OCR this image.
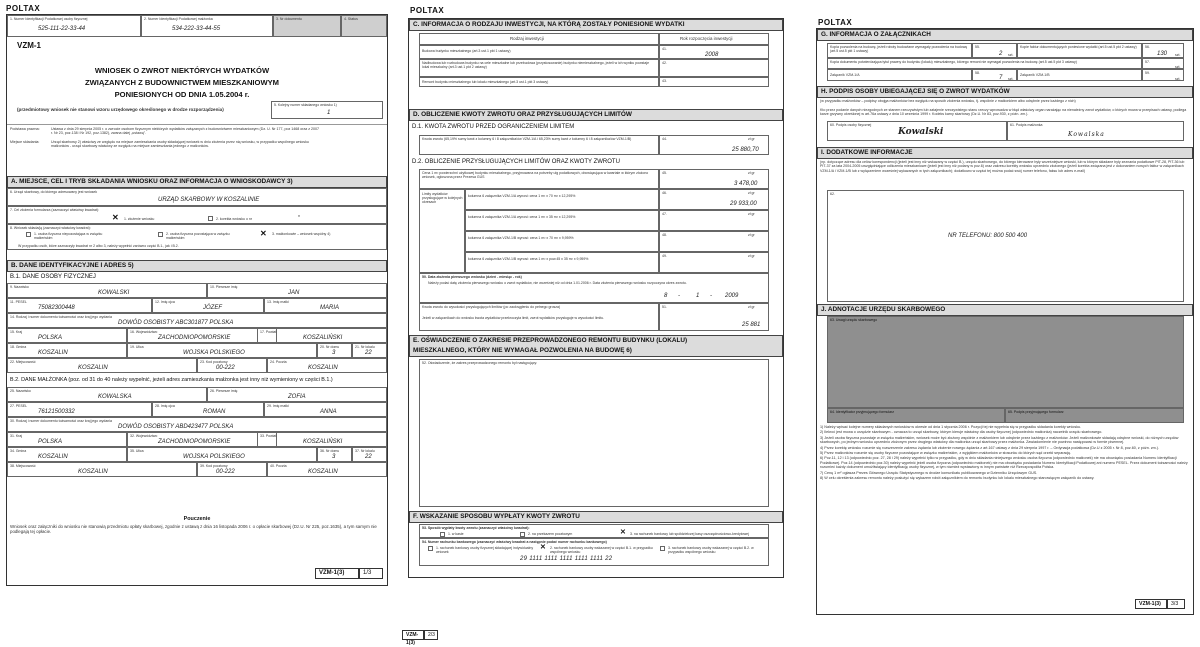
POLTAX
1. Numer Identyfikacji Podatkowej osoby fizycznej
525-111-22-33-44
2. Numer Identyfikacji Podatkowej małżonka
534-222-33-44-55
3. Nr dokumentu	4. Status
VZM-1
WNIOSEK O ZWROT NIEKTÓRYCH WYDATKÓW
ZWIĄZANYCH Z BUDOWNICTWEM MIESZKANIOWYM
PONIESIONYCH OD DNIA 1.05.2004 r.
(przedmiotowy wniosek nie stanowi wzoru urzędowego określonego w drodze rozporządzenia)
5. Kolejny numer składanego wniosku 1)
1
Podstawa prawna:	Ustawa z dnia 29 sierpnia 2005 r. o zwrocie osobom fizycznym niektórych wydatków związanych z budownictwem mieszkaniowym (Dz. U. Nr 177, poz 1468 oraz z 2007 r. Nr 23, poz.138 i Nr 192, poz.1382), zwana dalej „ustawą”.
Miejsce składania:	Urząd skarbowy 2) właściwy ze względu na miejsce zamieszkania osoby składającej wniosek w dniu złożenia przez nią wniosku, w przypadku wspólnego wniosku małżonków - urząd skarbowy właściwy ze względu na miejsce zamieszkania jednego z małżonków.
A. MIEJSCE, CEL I TRYB SKŁADANIA WNIOSKU ORAZ INFORMACJA O WNIOSKODAWCY 3)
6. Urząd skarbowy, do którego adresowany jest wniosek
URZĄD SKARBOWY W KOSZALINIE
7. Cel złożenia formularza (zaznaczyć właściwy kwadrat):
✕ 1. złożenie wniosku	2. korekta wniosku o nr	*
8. Wniosek składa/ją (zaznaczyć właściwy kwadrat):
1. osoba fizyczna niepozostająca w związku małżeńskim
2. osoba fizyczna pozostająca w związku małżeńskim	✕ 3. małżonkowie – wniosek wspólny 4)
W przypadku osób, które zaznaczyły kwadrat nr 2 albo 3, należy wypełnić zarówno część B.1., jak i B.2.
B. DANE IDENTYFIKACYJNE I ADRES 5)
B.1. DANE OSOBY FIZYCZNEJ
9. Nazwisko
KOWALSKI
10. Pierwsze imię
JAN
11. PESEL
75082300448
12. Imię ojca
JÓZEF
13. Imię matki
MARIA
14. Rodzaj i numer dokumentu tożsamości oraz kraj jego wydania
DOWÓD OSOBISTY ABC301877 POLSKA
15. Kraj
POLSKA
16. Województwo
ZACHODNIOPOMORSKIE
17. Powiat
KOSZALIŃSKI
18. Gmina
KOSZALIN
19. Ulica
WOJSKA POLSKIEGO
20. Nr domu
3
21. Nr lokalu
22
22. Miejscowość
KOSZALIN
23. Kod pocztowy
00-222
24. Poczta
KOSZALIN
B.2. DANE MAŁŻONKA (poz. od 31 do 40 należy wypełnić, jeżeli adres zamieszkania małżonka jest inny niż wymieniony w części B.1.)
25. Nazwisko
KOWALSKA
26. Pierwsze imię
ZOFIA
27. PESEL
76121500332
28. Imię ojca
ROMAN
29. Imię matki
ANNA
30. Rodzaj i numer dokumentu tożsamości oraz kraj jego wydania
DOWÓD OSOBISTY ABD423477 POLSKA
31. Kraj
POLSKA
32. Województwo
ZACHODNIOPOMORSKIE
33. Powiat
KOSZALIŃSKI
34. Gmina
KOSZALIN
35. Ulica
WOJSKA POLSKIEGO
36. Nr domu
3
37. Nr lokalu
22
38. Miejscowość
KOSZALIN
39. Kod pocztowy
00-222
40. Poczta
KOSZALIN
Pouczenie
Wniosek oraz załączniki do wniosku nie stanowią przedmiotu opłaty skarbowej, zgodnie z ustawą z dnia 16 listopada 2006 r. o opłacie skarbowej (Dz.U. Nr 225, poz.1635), a tym samym nie podlegają tej opłacie.
VZM-1(3)	1/3
POLTAX
C. INFORMACJA O RODZAJU INWESTYCJI, NA KTÓRĄ ZOSTAŁY PONIESIONE WYDATKI
Rodzaj inwestycji	Rok rozpoczęcia inwestycji
Budowa budynku mieszkalnego (art.3 ust.1 pkt 1 ustawy)	41.
2008
Nadbudowa lub rozbudowa budynku na cele mieszkalne lub przebudowa (przystosowanie) budynku niemieszkalnego, jeżeli w ich wyniku powstaje lokal mieszkalny (art.3 ust.1 pkt 2 ustawy)
42.
Remont budynku mieszkalnego lub lokalu mieszkalnego (art.3 ust.1 pkt 3 ustawy)	43.
D. OBLICZENIE KWOTY ZWROTU ORAZ PRZYSŁUGUJĄCYCH LIMITÓW
D.1. KWOTA ZWROTU PRZED OGRANICZENIEM LIMITEM
Kwota zwrotu (65,19% sumy kwot z kolumny 6 i 8 załącznika/ów VZM-1/A i 65,23% sumy kwot z kolumny 6 i 8 załącznika/ów VZM-1/B)	44.	zł gr
25 880,70
D.2. OBLICZENIE PRZYSŁUGUJĄCYCH LIMITÓW ORAZ KWOTY ZWROTU
Cena 1 m² powierzchni użytkowej budynku mieszkalnego, przyjmowana na potrzeby ulg podatkowych, obowiązująca w kwartale w którym złożono wniosek, ogłoszona przez Prezesa GUS
45.	zł gr
3 478,00
Limity wydatków przysługujące w kolejnych okresach
kolumna 6 załącznika VZM-1/A wynosi: cena 1 m² x 70 m² x 12,295%
46.	zł gr
29 933,00
kolumna 6 załącznika VZM-1/A wynosi: cena 1 m² x 35 m² x 12,295%
47.	zł gr
kolumna 6 załącznika VZM-1/B wynosi: cena 1 m² x 70 m² x 9,959%
48.	zł gr
kolumna 6 załącznika VZM-1/B wynosi: cena 1 m² x pow.45 x 35 m² x 9,959%
49.	zł gr
50. Data złożenia pierwszego wniosku (dzień - miesiąc - rok)
Należy podać datę złożenia pierwszego wniosku o zwrot wydatków, nie wcześniej niż od dnia 1.01.2006 r. Data złożenia pierwszego wniosku rozpoczyna okres zwrotu.
8 -	1 - 2009
Kwota zwrotu do wysokości przysługujących limitów (po zaokrągleniu do pełnego grosza)
Jeżeli w załącznikach do wniosku kwota wydatków przekroczyła limit, zwrot wydatków przysługuje w wysokości limitu.
51.	zł gr
25 881
E. OŚWIADCZENIE O ZAKRESIE PRZEPROWADZONEGO REMONTU BUDYNKU (LOKALU)
MIESZKALNEGO, KTÓRY NIE WYMAGAŁ POZWOLENIA NA BUDOWĘ 6)
52. Oświadczenie, że zakres przeprowadzonego remontu był następujący:
F. WSKAZANIE SPOSOBU WYPŁATY KWOTY ZWROTU
53. Sposób wypłaty kwoty zwrotu (zaznaczyć właściwy kwadrat):
1. w kasie	2. na przekazem pocztowym	✕ 3. na rachunek bankowy lub spółdzielczej kasy oszczędnościowo-kredytowej
54. Numer rachunku bankowego (zaznaczyć właściwy kwadrat a następnie podać numer rachunku bankowego)
1. rachunek bankowy osoby fizycznej składającej indywidualny wniosek
✕ 2. rachunek bankowy osoby wskazanej w części B.1. w przypadku wspólnego wniosku
3. rachunek bankowy osoby wskazanej w części B.2. w przypadku wspólnego wniosku
29 1111 1111 1111 1111 1111 22
VZM-1(3)
2/3
POLTAX
G. INFORMACJA O ZAŁĄCZNIKACH
Kopia pozwolenia na budowę, jeżeli roboty budowlane wymagały pozwolenia na budowę (art.5 ust.5 pkt 1 ustawy)
55.
2 szt.
Kopie faktur dokumentujących poniesione wydatki (art.5 ust.5 pkt 2 ustawy)	56.
130 szt.
Kopia dokumentu potwierdzająca tytuł prawny do budynku (lokalu) mieszkalnego, którego remont nie wymagał pozwolenia na budowę (art.5 ust.5 pkt 3 ustawy)	57.
szt.
Załącznik VZM-1/A	58.
7 szt.
Załącznik VZM-1/B	59.
szt.
H. PODPIS OSOBY UBIEGAJĄCEJ SIĘ O ZWROT WYDATKÓW
(w przypadku małżonków – podpisy obojga małżonków bez względu na sposób złożenia wniosku, tj. wspólnie z małżonkiem albo odrębnie przez każdego z nich)
Kto przez podanie danych niezgodnych ze stanem rzeczywistym lub zatajenie rzeczywistego stanu rzeczy wprowadza w błąd właściwy organ narażając na nienależny zwrot wydatków, o których mowa w przepisach ustawy, podlega karze grzywny określonej w art.76a ustawy z dnia 10 września 1999 r. Kodeks karny skarbowy (Dz.U. Nr 83, poz.930, z późn. zm.).
60. Podpis osoby fizycznej
Kowalski
61. Podpis małżonka
Kowalska
I. DODATKOWE INFORMACJE
(np. dotyczące adresu dla celów korespondencji (jeżeli jest inny niż wskazany w części B.), urzędu skarbowego, do którego kierowane były wcześniejsze wnioski, lub w którym składane były zeznania podatkowe PIT-28, PIT-36 lub PIT-37 za lata 2004-2005 uwzględniające odliczenia mieszkaniowe (jeżeli jest inny niż podany w poz.6) oraz zakresu korekty wniosku uprzednio złożonego (jeżeli korekta związana jest z dokonaniem nowych faktur w załącznikach VZM-1/A i VZM-1/B lub z wyłączeniem wcześniej wykazanych w tych załącznikach); dodatkowo w części tej można podać swój numer telefonu, faksu lub adres e-mail)
62.
NR TELEFONU: 800 500 400
J. ADNOTACJE URZĘDU SKARBOWEGO
63. Uwagi urzędu skarbowego
64. Identyfikator przyjmującego formularz	65. Podpis przyjmującego formularz
1) Należy wpisać kolejne numery składanych wniosków w okresie od dnia 1 stycznia 2006 r. Pozycji tej nie wypełnia się w przypadku składania korekty wniosku.
2) Ilekroć jest mowa o urzędzie skarbowym - oznacza to urząd skarbowy, którym kieruje właściwy dla osoby fizycznej (odpowiednio małżonka) naczelnik urzędu skarbowego.
3) Jeżeli osoba fizyczna pozostaje w związku małżeńskim, wniosek może być złożony wspólnie z małżonkiem lub odrębnie przez każdego z małżonków. Jeżeli małżonkowie składają odrębne wnioski, do różnych urzędów skarbowych, po jednym wniosku uprzednio złożonym przez drugiego właściwy dla małżonka urząd skarbowy przez małżonka. Zawiadomienie nie powinno następować w formie pisemnej.
4) Przez korektę wniosku rozumie się rozszerzenie zakresu żądania lub złożenie nowego żądania z art.167 ustawy z dnia 29 sierpnia 1997 r. – Ordynacja podatkowa (Dz.U z 2005 r. Nr 8, poz.60, z późn. zm.).
5) Przez małżonków rozumie się osoby fizyczne pozostające w związku małżeńskim, z wyjątkiem małżonków w stosunku do których sąd orzekł separację.
6) Poz.11, 12 i 13 (odpowiednio poz. 27, 28 i 29) należy wypełnić tylko w przypadku, gdy w dniu składania niniejszego wniosku osoba fizyczna (odpowiednio małżonek) nie ma obowiązku posiadania Numeru Identyfikacji Podatkowej. Poz.14 (odpowiednio poz.30) należy wypełnić jeżeli osoba fizyczna (odpowiednio małżonek) nie ma obowiązku posiadania Numeru Identyfikacji Podatkowej ani numeru PESEL. Przez dokument tożsamości należy rozumieć każdy dokument umożliwiający identyfikację osoby fizycznej, w tym również wystawiony w innym państwie niż Rzeczpospolita Polska.
7) Cenę 1 m² ogłasza Prezes Głównego Urzędu Statystycznego w drodze komunikatu publikowanego w Dzienniku Urzędowym GUS.
8) W celu określenia zakresu remontu należy posłużyć się wykazem robót załącznikiem do remontu budynku lub lokalu mieszkalnego stanowiącym załącznik do ustawy.
VZM-1(3)	3/3
